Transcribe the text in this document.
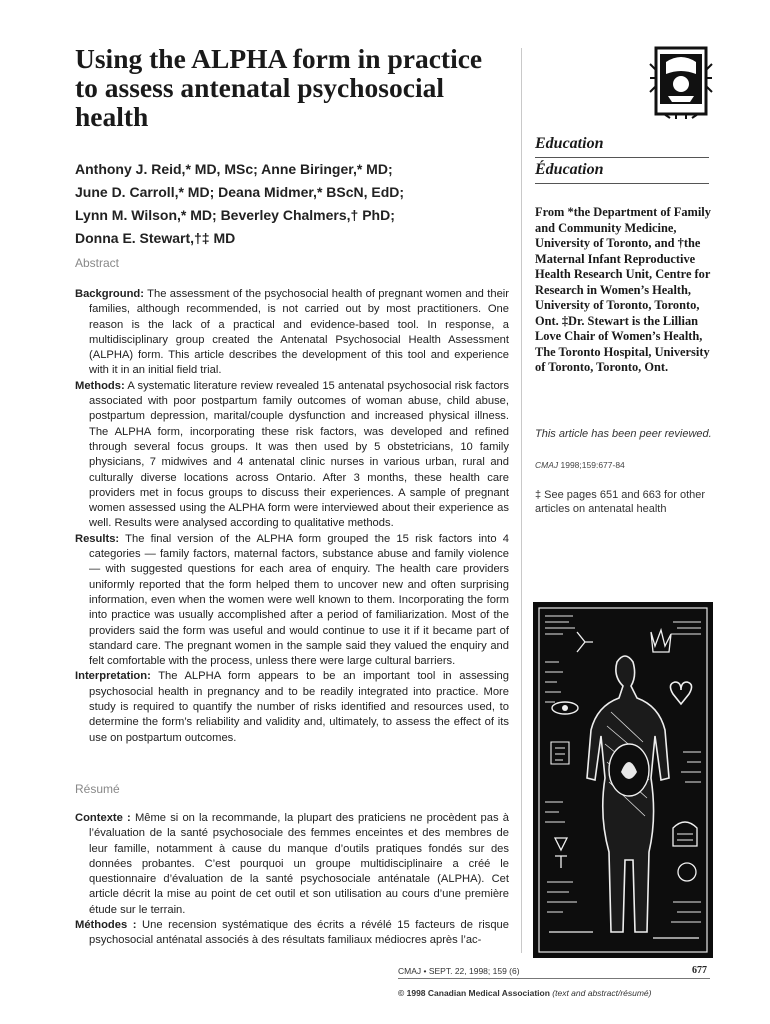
Using the ALPHA form in practice
to assess antenatal psychosocial health
Anthony J. Reid,* MD, MSc; Anne Biringer,* MD;
June D. Carroll,* MD; Deana Midmer,* BScN, EdD;
Lynn M. Wilson,* MD; Beverley Chalmers,† PhD;
Donna E. Stewart,†‡ MD
Abstract

Background: The assessment of the psychosocial health of pregnant women and their families, although recommended, is not carried out by most practitioners. One reason is the lack of a practical and evidence-based tool. In response, a multidisciplinary group created the Antenatal Psychosocial Health Assessment (ALPHA) form. This article describes the development of this tool and experience with it in an initial field trial.

Methods: A systematic literature review revealed 15 antenatal psychosocial risk factors associated with poor postpartum family outcomes of woman abuse, child abuse, postpartum depression, marital/couple dysfunction and increased physical illness. The ALPHA form, incorporating these risk factors, was developed and refined through several focus groups. It was then used by 5 obstetricians, 10 family physicians, 7 midwives and 4 antenatal clinic nurses in various urban, rural and culturally diverse locations across Ontario. After 3 months, these health care providers met in focus groups to discuss their experiences. A sample of pregnant women assessed using the ALPHA form were interviewed about their experience as well. Results were analysed according to qualitative methods.

Results: The final version of the ALPHA form grouped the 15 risk factors into 4 categories — family factors, maternal factors, substance abuse and family violence — with suggested questions for each area of enquiry. The health care providers uniformly reported that the form helped them to uncover new and often surprising information, even when the women were well known to them. Incorporating the form into practice was usually accomplished after a period of familiarization. Most of the providers said the form was useful and would continue to use it if it became part of standard care. The pregnant women in the sample said they valued the enquiry and felt comfortable with the process, unless there were large cultural barriers.

Interpretation: The ALPHA form appears to be an important tool in assessing psychosocial health in pregnancy and to be readily integrated into practice. More study is required to quantify the number of risks identified and resources used, to determine the form’s reliability and validity and, ultimately, to assess the effect of its use on postpartum outcomes.

Résumé

Contexte : Même si on la recommande, la plupart des praticiens ne procèdent pas à l’évaluation de la santé psychosociale des femmes enceintes et des membres de leur famille, notamment à cause du manque d’outils pratiques fondés sur des données probantes. C’est pourquoi un groupe multidisciplinaire a créé le questionnaire d’évaluation de la santé psychosociale anténatale (ALPHA). Cet article décrit la mise au point de cet outil et son utilisation au cours d’une première étude sur le terrain.

Méthodes : Une recension systématique des écrits a révélé 15 facteurs de risque psychosocial anténatal associés à des résultats familiaux médiocres après l’ac-

Education
Éducation
From *the Department of Family and Community Medicine, University of Toronto, and †the Maternal Infant Reproductive Health Research Unit, Centre for Research in Women’s Health, University of Toronto, Toronto, Ont. ‡Dr. Stewart is the Lillian Love Chair of Women’s Health, The Toronto Hospital, University of Toronto, Toronto, Ont.
This article has been peer reviewed.
CMAJ 1998;159:677-84
‡ See pages 651 and 663 for other articles on antenatal health
CMAJ • SEPT. 22, 1998; 159 (6)	677
© 1998 Canadian Medical Association (text and abstract/résumé)
